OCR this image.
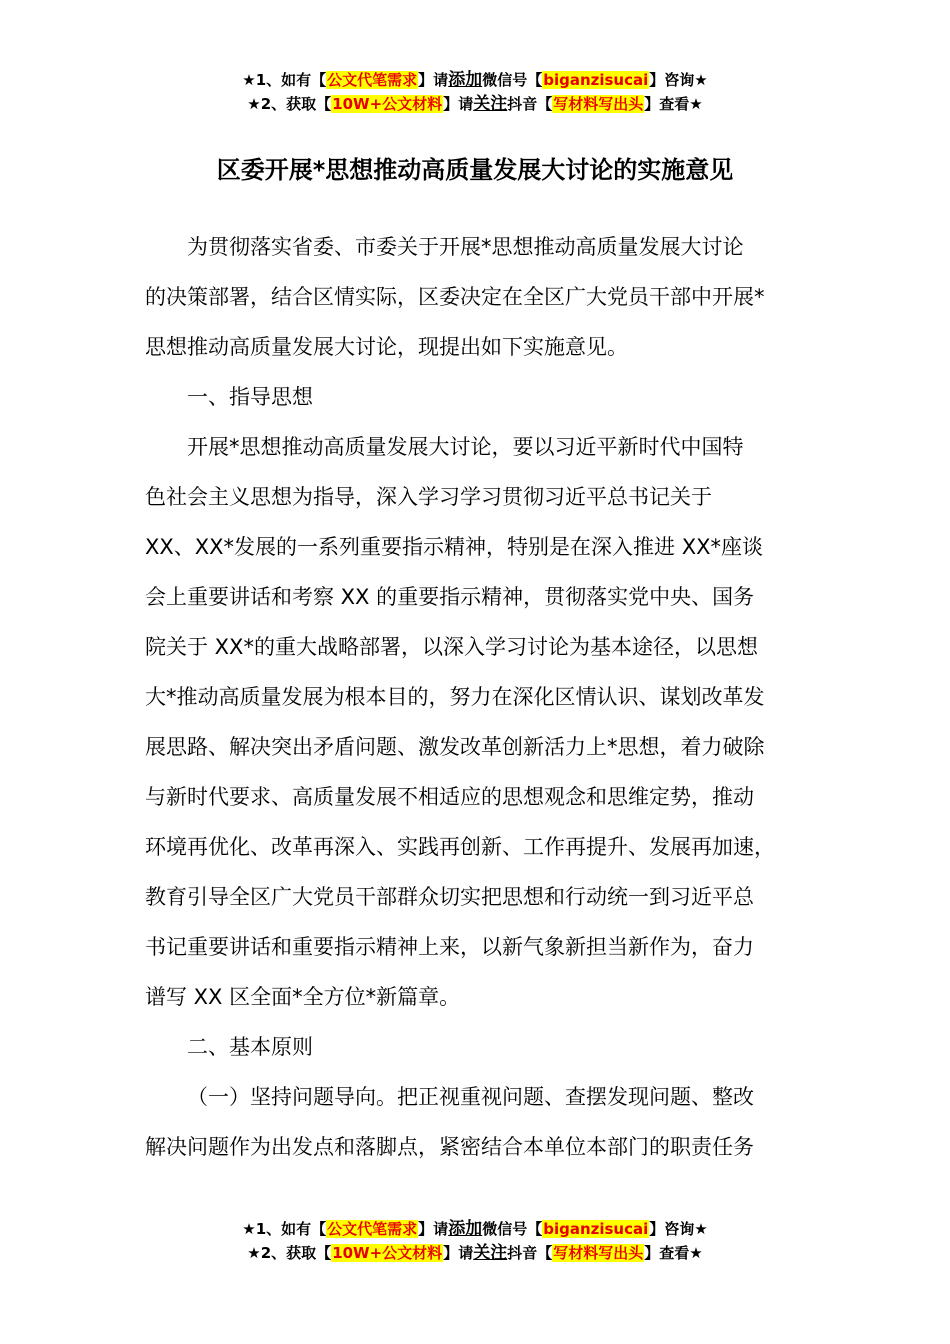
★1、如有【公文代笔需求】请添加微信号【biganzisucai】咨询★
★2、获取【10W+公文材料】请关注抖音【写材料写出头】查看★
区委开展*思想推动高质量发展大讨论的实施意见

为贯彻落实省委、市委关于开展*思想推动高质量发展大讨论
的决策部署，结合区情实际，区委决定在全区广大党员干部中开展*
思想推动高质量发展大讨论，现提出如下实施意见。

一、指导思想

开展*思想推动高质量发展大讨论，要以习近平新时代中国特
色社会主义思想为指导，深入学习学习贯彻习近平总书记关于
XX、XX*发展的一系列重要指示精神，特别是在深入推进 XX*座谈
会上重要讲话和考察 XX 的重要指示精神，贯彻落实党中央、国务
院关于 XX*的重大战略部署，以深入学习讨论为基本途径，以思想
大*推动高质量发展为根本目的，努力在深化区情认识、谋划改革发
展思路、解决突出矛盾问题、激发改革创新活力上*思想，着力破除
与新时代要求、高质量发展不相适应的思想观念和思维定势，推动
环境再优化、改革再深入、实践再创新、工作再提升、发展再加速，
教育引导全区广大党员干部群众切实把思想和行动统一到习近平总
书记重要讲话和重要指示精神上来，以新气象新担当新作为，奋力
谱写 XX 区全面*全方位*新篇章。

二、基本原则

（一）坚持问题导向。把正视重视问题、查摆发现问题、整改
解决问题作为出发点和落脚点，紧密结合本单位本部门的职责任务

★1、如有【公文代笔需求】请添加微信号【biganzisucai】咨询★
★2、获取【10W+公文材料】请关注抖音【写材料写出头】查看★
